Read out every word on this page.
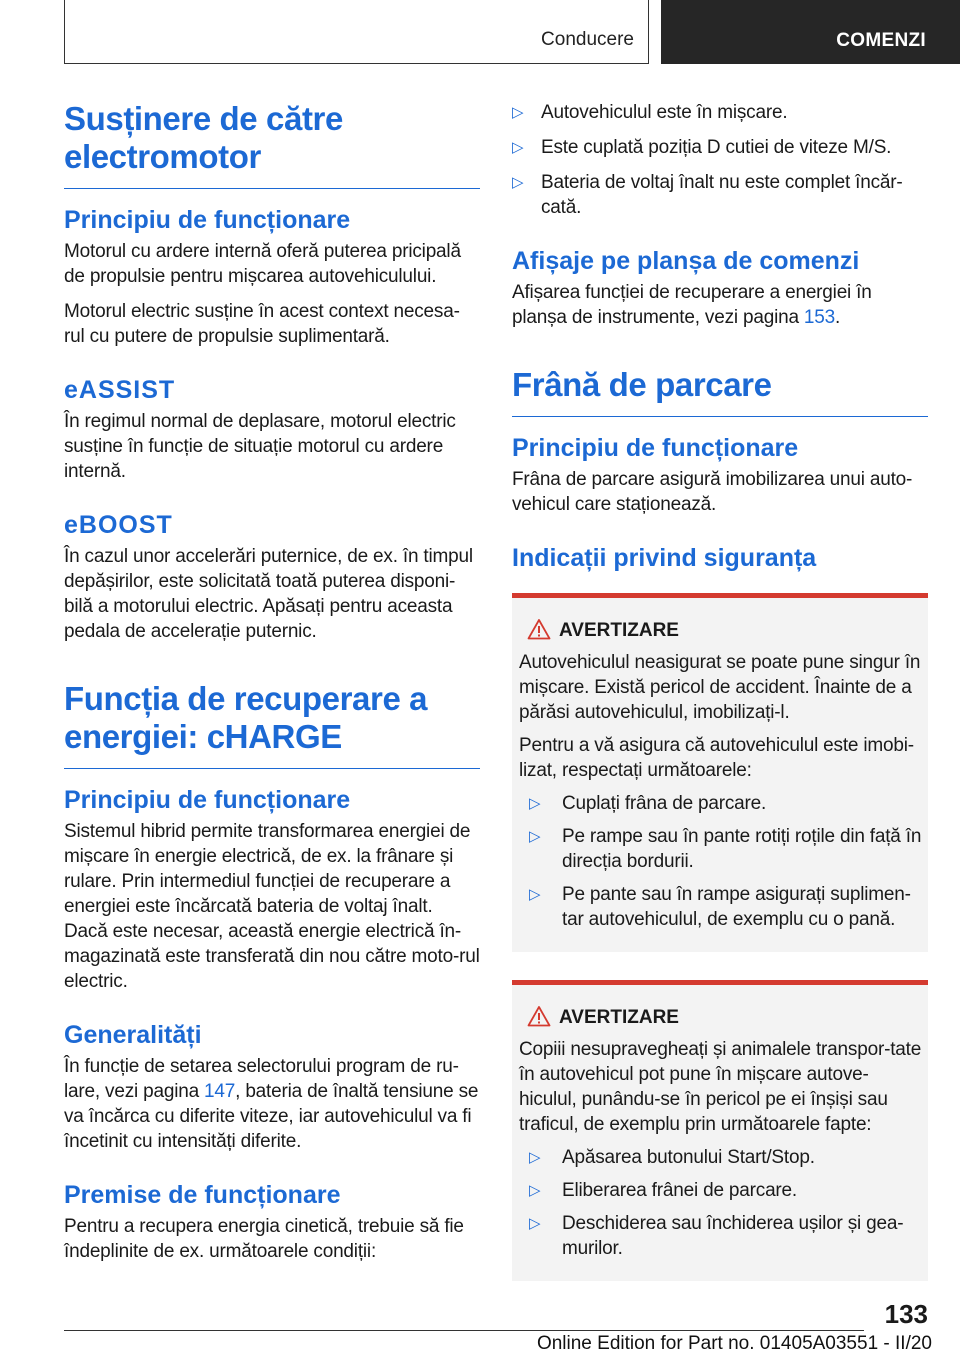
Conducere	COMENZI
Susținere de către electromotor
Principiu de funcționare

Motorul cu ardere internă oferă puterea pricipală de propulsie pentru mișcarea autovehiculului.

Motorul electric susține în acest context necesa-rul cu putere de propulsie suplimentară.

eASSIST

În regimul normal de deplasare, motorul electric susține în funcție de situație motorul cu ardere internă.

eBOOST

În cazul unor accelerări puternice, de ex. în timpul depășirilor, este solicitată toată puterea disponi-bilă a motorului electric. Apăsați pentru aceasta pedala de accelerație puternic.

Funcția de recuperare a energiei: cHARGE
Principiu de funcționare

Sistemul hibrid permite transformarea energiei de mișcare în energie electrică, de ex. la frânare și rulare. Prin intermediul funcției de recuperare a energiei este încărcată bateria de voltaj înalt. Dacă este necesar, această energie electrică în-magazinată este transferată din nou către moto-rul electric.

Generalități

În funcție de setarea selectorului program de ru-lare, vezi pagina 147, bateria de înaltă tensiune se va încărca cu diferite viteze, iar autovehiculul va fi încetinit cu intensități diferite.

Premise de funcționare

Pentru a recupera energia cinetică, trebuie să fie îndeplinite de ex. următoarele condiții:

▷ Autovehiculul este în mișcare.
▷ Este cuplată poziția D cutiei de viteze M/S.
▷ Bateria de voltaj înalt nu este complet încăr-cată.
Afișaje pe planșa de comenzi

Afișarea funcției de recuperare a energiei în planșa de instrumente, vezi pagina 153.

Frână de parcare
Principiu de funcționare

Frâna de parcare asigură imobilizarea unui auto-vehicul care staționează.

Indicații privind siguranța
AVERTIZARE

Autovehiculul neasigurat se poate pune singur în mișcare. Există pericol de accident. Înainte de a părăsi autovehiculul, imobilizați-l.

Pentru a vă asigura că autovehiculul este imobi-lizat, respectați următoarele:

▷ Cuplați frâna de parcare.
▷ Pe rampe sau în pante rotiți roțile din față în direcția bordurii.
▷ Pe pante sau în rampe asigurați suplimen-tar autovehiculul, de exemplu cu o pană.
AVERTIZARE

Copiii nesupravegheați și animalele transpor-tate în autovehicul pot pune în mișcare autove-hiculul, punându-se în pericol pe ei înșiși sau traficul, de exemplu prin următoarele fapte:

▷ Apăsarea butonului Start/Stop.
▷ Eliberarea frânei de parcare.
▷ Deschiderea sau închiderea ușilor și gea-murilor.
133
Online Edition for Part no. 01405A03551 - II/20
